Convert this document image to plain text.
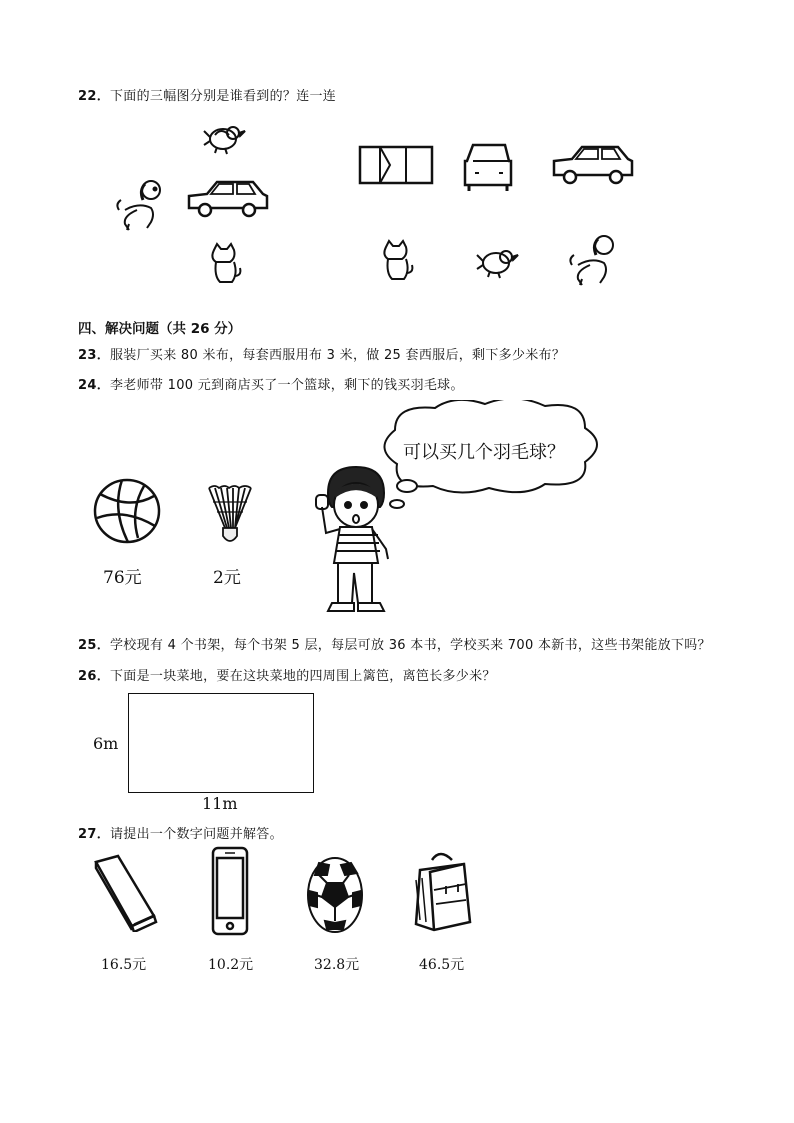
22．下面的三幅图分别是谁看到的？连一连
四、解决问题（共 26 分）
23．服装厂买来 80 米布，每套西服用布 3 米，做 25 套西服后，剩下多少米布？
24．李老师带 100 元到商店买了一个篮球，剩下的钱买羽毛球。
76元	2元
可以买几个羽毛球？
25．学校现有 4 个书架，每个书架 5 层，每层可放 36 本书，学校买来 700 本新书，这些书架能放下吗？
26．下面是一块菜地，要在这块菜地的四周围上篱笆，离笆长多少米？
6m
11m
27．请提出一个数字问题并解答。
16.5元	10.2元	32.8元	46.5元
